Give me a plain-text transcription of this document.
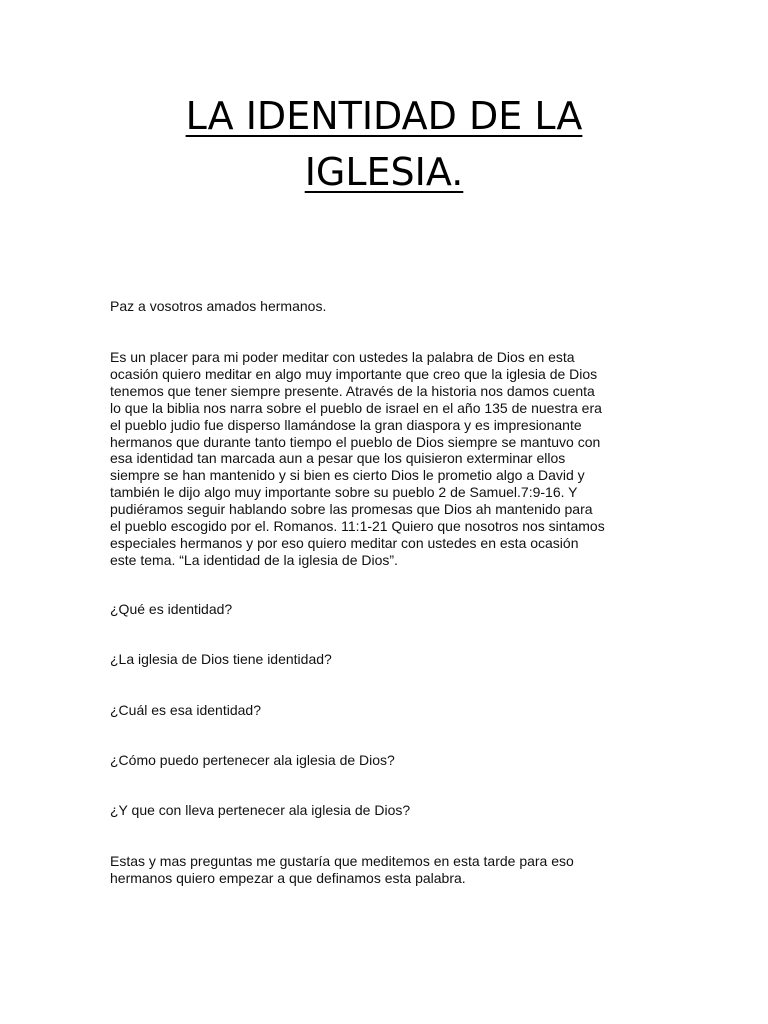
LA IDENTIDAD DE LA
IGLESIA.

Paz a vosotros amados hermanos.

Es un placer para mi poder meditar con ustedes la palabra de Dios en esta
ocasión quiero meditar en algo muy importante que creo que la iglesia de Dios
tenemos que tener siempre presente. Através de la historia nos damos cuenta
lo que la biblia nos narra sobre el pueblo de israel en el año 135 de nuestra era
el pueblo judio fue disperso llamándose la gran diaspora y es impresionante
hermanos que durante tanto tiempo el pueblo de Dios siempre se mantuvo con
esa identidad tan marcada aun a pesar que los quisieron exterminar ellos
siempre se han mantenido y si bien es cierto Dios le prometio algo a David y
también le dijo algo muy importante sobre su pueblo 2 de Samuel.7:9-16. Y
pudiéramos seguir hablando sobre las promesas que Dios ah mantenido para
el pueblo escogido por el. Romanos. 11:1-21 Quiero que nosotros nos sintamos
especiales hermanos y por eso quiero meditar con ustedes en esta ocasión
este tema. “La identidad de la iglesia de Dios”.

¿Qué es identidad?

¿La iglesia de Dios tiene identidad?

¿Cuál es esa identidad?

¿Cómo puedo pertenecer ala iglesia de Dios?

¿Y que con lleva pertenecer ala iglesia de Dios?

Estas y mas preguntas me gustaría que meditemos en esta tarde para eso
hermanos quiero empezar a que definamos esta palabra.
